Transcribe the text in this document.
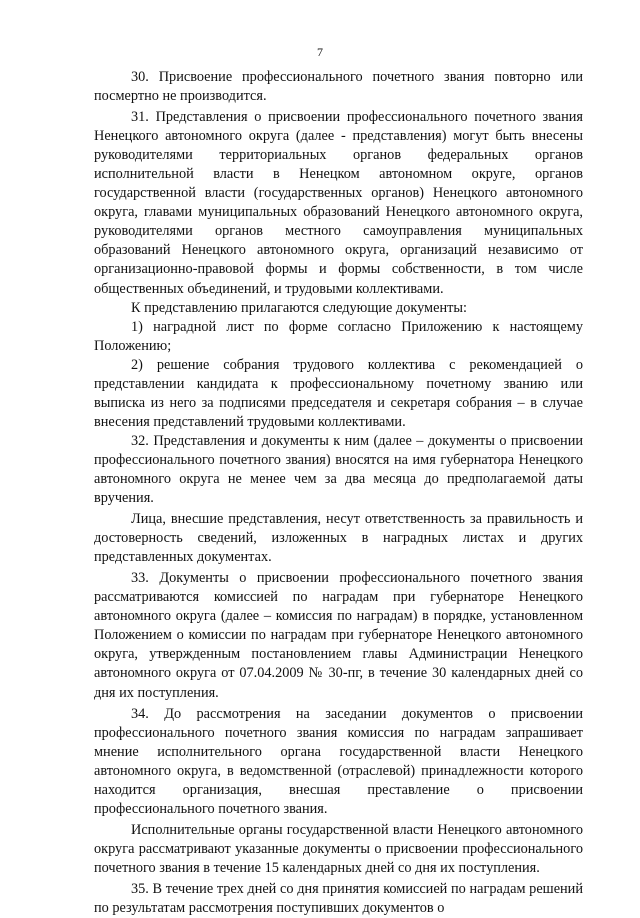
7

30. Присвоение профессионального почетного звания повторно или посмертно не производится.

31. Представления о присвоении профессионального почетного звания Ненецкого автономного округа (далее - представления) могут быть внесены руководителями территориальных органов федеральных органов исполнительной власти в Ненецком автономном округе, органов государственной власти (государственных органов) Ненецкого автономного округа, главами муниципальных образований Ненецкого автономного округа, руководителями органов местного самоуправления муниципальных образований Ненецкого автономного округа, организаций независимо от организационно-правовой формы и формы собственности, в том числе общественных объединений, и трудовыми коллективами.

К представлению прилагаются следующие документы:

1) наградной лист по форме согласно Приложению к настоящему Положению;

2) решение собрания трудового коллектива с рекомендацией о представлении кандидата к профессиональному почетному званию или выписка из него за подписями председателя и секретаря собрания – в случае внесения представлений трудовыми коллективами.

32. Представления и документы к ним (далее – документы о присвоении профессионального почетного звания) вносятся на имя губернатора Ненецкого автономного округа не менее чем за два месяца до предполагаемой даты вручения.

Лица, внесшие представления, несут ответственность за правильность и достоверность сведений, изложенных в наградных листах и других представленных документах.

33. Документы о присвоении профессионального почетного звания рассматриваются комиссией по наградам при губернаторе Ненецкого автономного округа (далее – комиссия по наградам) в порядке, установленном Положением о комиссии по наградам при губернаторе Ненецкого автономного округа, утвержденным постановлением главы Администрации Ненецкого автономного округа от 07.04.2009 № 30-пг, в течение 30 календарных дней со дня их поступления.

34. До рассмотрения на заседании документов о присвоении профессионального почетного звания комиссия по наградам запрашивает мнение исполнительного органа государственной власти Ненецкого автономного округа, в ведомственной (отраслевой) принадлежности которого находится организация, внесшая преставление о присвоении профессионального почетного звания.

Исполнительные органы государственной власти Ненецкого автономного округа рассматривают указанные документы о присвоении профессионального почетного звания в течение 15 календарных дней со дня их поступления.

35. В течение трех дней со дня принятия комиссией по наградам решений по результатам рассмотрения поступивших документов о
